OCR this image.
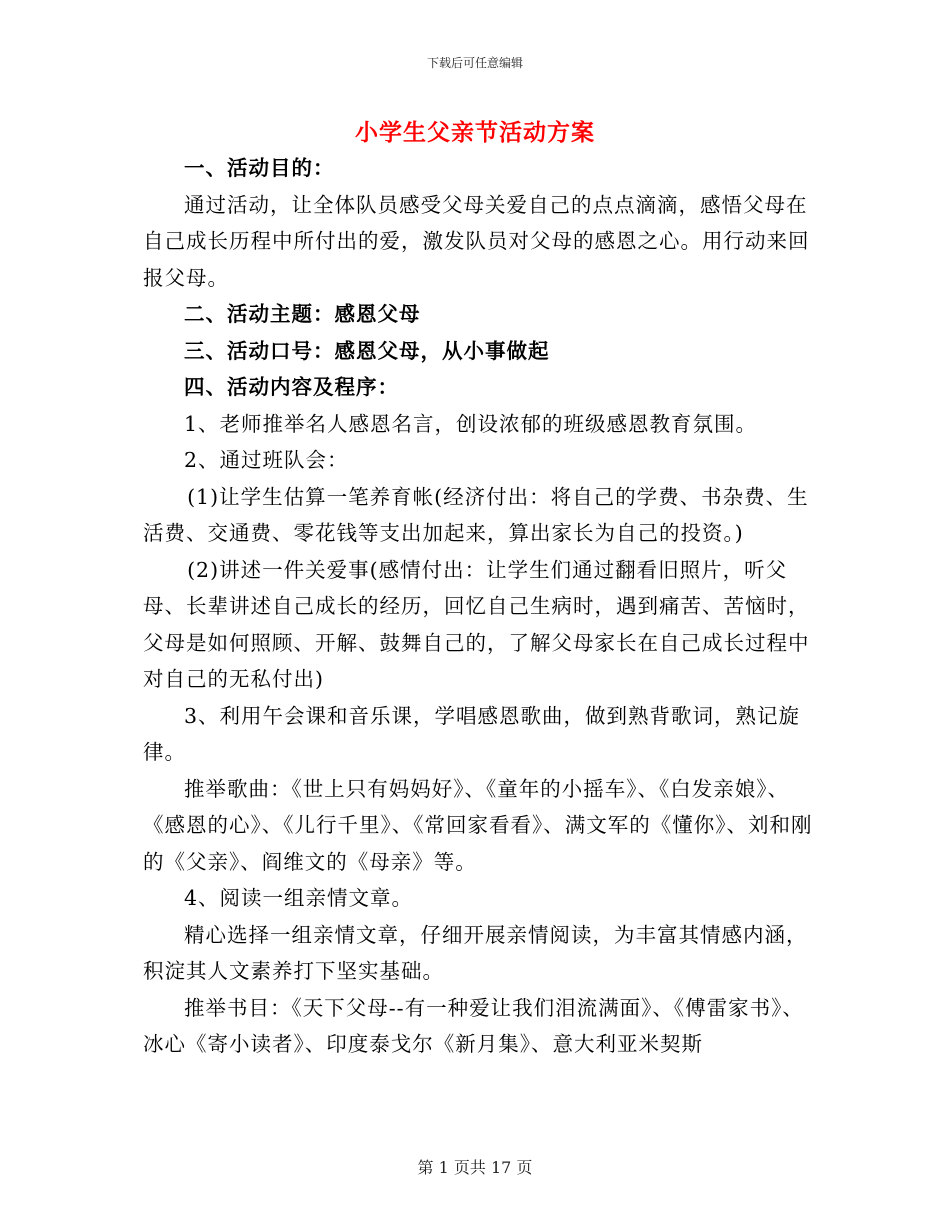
下载后可任意编辑
小学生父亲节活动方案

一、活动目的：

通过活动，让全体队员感受父母关爱自己的点点滴滴，感悟父母在自己成长历程中所付出的爱，激发队员对父母的感恩之心。用行动来回报父母。

二、活动主题：感恩父母

三、活动口号：感恩父母，从小事做起

四、活动内容及程序：

1、老师推举名人感恩名言，创设浓郁的班级感恩教育氛围。

2、通过班队会：

(1)让学生估算一笔养育帐(经济付出：将自己的学费、书杂费、生活费、交通费、零花钱等支出加起来，算出家长为自己的投资。)

(2)讲述一件关爱事(感情付出：让学生们通过翻看旧照片，听父母、长辈讲述自己成长的经历，回忆自己生病时，遇到痛苦、苦恼时，父母是如何照顾、开解、鼓舞自己的，了解父母家长在自己成长过程中对自己的无私付出)

3、利用午会课和音乐课，学唱感恩歌曲，做到熟背歌词，熟记旋律。

推举歌曲：《世上只有妈妈好》、《童年的小摇车》、《白发亲娘》、《感恩的心》、《儿行千里》、《常回家看看》、满文军的《懂你》、刘和刚的《父亲》、阎维文的《母亲》等。

4、阅读一组亲情文章。

精心选择一组亲情文章，仔细开展亲情阅读，为丰富其情感内涵，积淀其人文素养打下坚实基础。

推举书目：《天下父母--有一种爱让我们泪流满面》、《傅雷家书》、冰心《寄小读者》、印度泰戈尔《新月集》、意大利亚米契斯

第 1 页共 17 页
